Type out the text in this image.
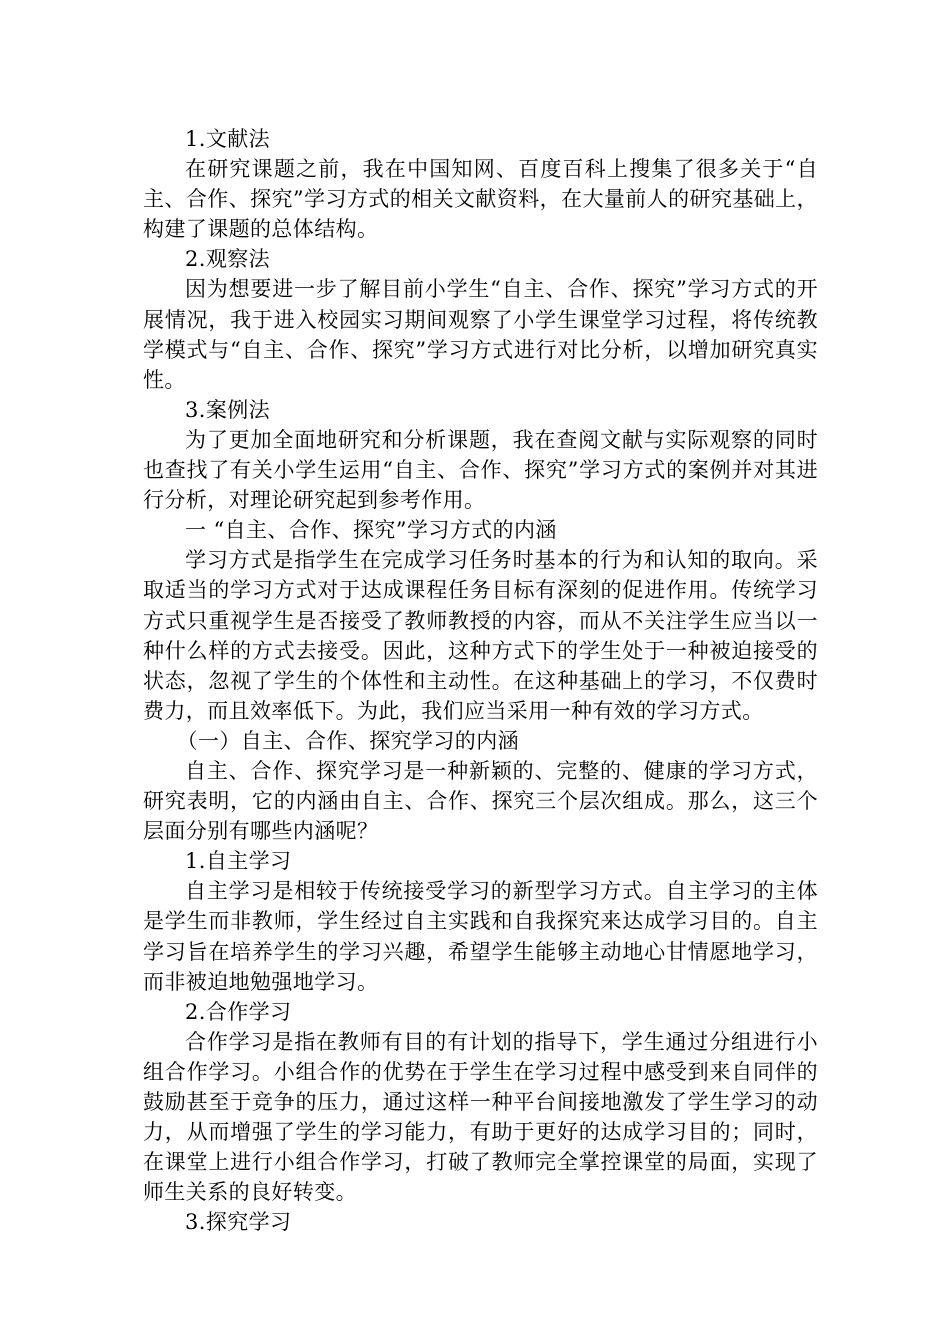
1.文献法

在研究课题之前，我在中国知网、百度百科上搜集了很多关于“自主、合作、探究”学习方式的相关文献资料，在大量前人的研究基础上，构建了课题的总体结构。

2.观察法

因为想要进一步了解目前小学生“自主、合作、探究”学习方式的开展情况，我于进入校园实习期间观察了小学生课堂学习过程，将传统教学模式与“自主、合作、探究”学习方式进行对比分析，以增加研究真实性。

3.案例法

为了更加全面地研究和分析课题，我在查阅文献与实际观察的同时也查找了有关小学生运用“自主、合作、探究”学习方式的案例并对其进行分析，对理论研究起到参考作用。

一 “自主、合作、探究”学习方式的内涵

学习方式是指学生在完成学习任务时基本的行为和认知的取向。采取适当的学习方式对于达成课程任务目标有深刻的促进作用。传统学习方式只重视学生是否接受了教师教授的内容，而从不关注学生应当以一种什么样的方式去接受。因此，这种方式下的学生处于一种被迫接受的状态，忽视了学生的个体性和主动性。在这种基础上的学习，不仅费时费力，而且效率低下。为此，我们应当采用一种有效的学习方式。

（一）自主、合作、探究学习的内涵

自主、合作、探究学习是一种新颖的、完整的、健康的学习方式，研究表明，它的内涵由自主、合作、探究三个层次组成。那么，这三个层面分别有哪些内涵呢？

1.自主学习

自主学习是相较于传统接受学习的新型学习方式。自主学习的主体是学生而非教师，学生经过自主实践和自我探究来达成学习目的。自主学习旨在培养学生的学习兴趣，希望学生能够主动地心甘情愿地学习，而非被迫地勉强地学习。

2.合作学习

合作学习是指在教师有目的有计划的指导下，学生通过分组进行小组合作学习。小组合作的优势在于学生在学习过程中感受到来自同伴的鼓励甚至于竞争的压力，通过这样一种平台间接地激发了学生学习的动力，从而增强了学生的学习能力，有助于更好的达成学习目的；同时，在课堂上进行小组合作学习，打破了教师完全掌控课堂的局面，实现了师生关系的良好转变。

3.探究学习
